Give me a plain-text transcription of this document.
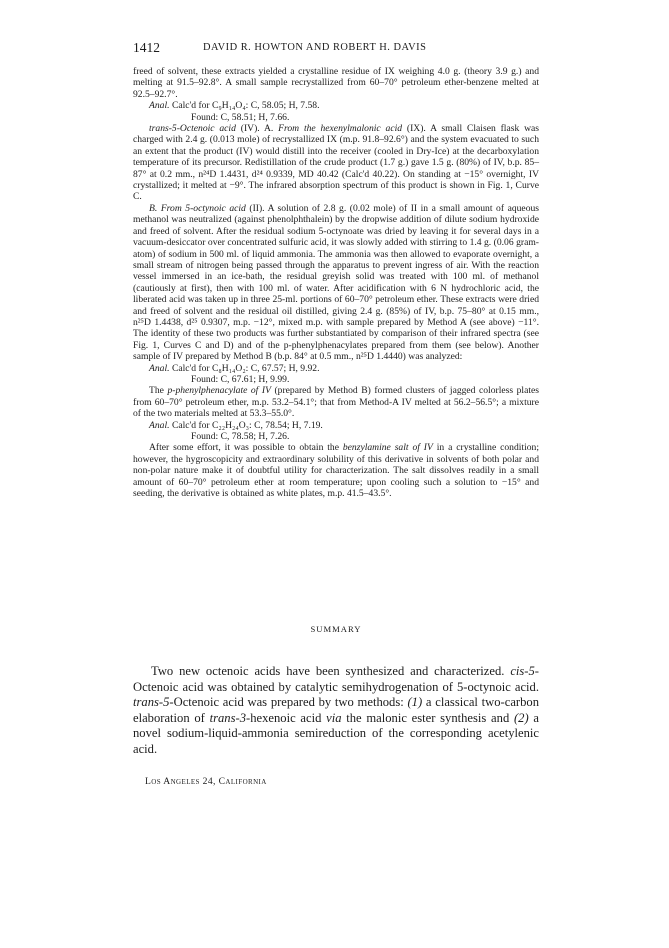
1412	DAVID R. HOWTON AND ROBERT H. DAVIS

freed of solvent, these extracts yielded a crystalline residue of IX weighing 4.0 g. (theory 3.9 g.) and melting at 91.5–92.8°. A small sample recrystallized from 60–70° petroleum ether-benzene melted at 92.5–92.7°.

Anal. Calc'd for C₉H₁₄O₄: C, 58.05; H, 7.58.

Found: C, 58.51; H, 7.66.

trans-5-Octenoic acid (IV). A. From the hexenylmalonic acid (IX). A small Claisen flask was charged with 2.4 g. (0.013 mole) of recrystallized IX (m.p. 91.8–92.6°) and the system evacuated to such an extent that the product (IV) would distill into the receiver (cooled in Dry-Ice) at the decarboxylation temperature of its precursor. Redistillation of the crude product (1.7 g.) gave 1.5 g. (80%) of IV, b.p. 85–87° at 0.2 mm., n²⁴D 1.4431, d²⁴ 0.9339, MD 40.42 (Calc'd 40.22). On standing at −15° overnight, IV crystallized; it melted at −9°. The infrared absorption spectrum of this product is shown in Fig. 1, Curve C.

B. From 5-octynoic acid (II). A solution of 2.8 g. (0.02 mole) of II in a small amount of aqueous methanol was neutralized (against phenolphthalein) by the dropwise addition of dilute sodium hydroxide and freed of solvent. After the residual sodium 5-octynoate was dried by leaving it for several days in a vacuum-desiccator over concentrated sulfuric acid, it was slowly added with stirring to 1.4 g. (0.06 gram-atom) of sodium in 500 ml. of liquid ammonia. The ammonia was then allowed to evaporate overnight, a small stream of nitrogen being passed through the apparatus to prevent ingress of air. With the reaction vessel immersed in an ice-bath, the residual greyish solid was treated with 100 ml. of methanol (cautiously at first), then with 100 ml. of water. After acidification with 6 N hydrochloric acid, the liberated acid was taken up in three 25-ml. portions of 60–70° petroleum ether. These extracts were dried and freed of solvent and the residual oil distilled, giving 2.4 g. (85%) of IV, b.p. 75–80° at 0.15 mm., n²⁵D 1.4438, d²⁵ 0.9307, m.p. −12°, mixed m.p. with sample prepared by Method A (see above) −11°. The identity of these two products was further substantiated by comparison of their infrared spectra (see Fig. 1, Curves C and D) and of the p-phenylphenacylates prepared from them (see below). Another sample of IV prepared by Method B (b.p. 84° at 0.5 mm., n²⁵D 1.4440) was analyzed:

Anal. Calc'd for C₈H₁₄O₂: C, 67.57; H, 9.92.

Found: C, 67.61; H, 9.99.

The p-phenylphenacylate of IV (prepared by Method B) formed clusters of jagged colorless plates from 60–70° petroleum ether, m.p. 53.2–54.1°; that from Method-A IV melted at 56.2–56.5°; a mixture of the two materials melted at 53.3–55.0°.

Anal. Calc'd for C₂₂H₂₄O₃: C, 78.54; H, 7.19.

Found: C, 78.58; H, 7.26.

After some effort, it was possible to obtain the benzylamine salt of IV in a crystalline condition; however, the hygroscopicity and extraordinary solubility of this derivative in solvents of both polar and non-polar nature make it of doubtful utility for characterization. The salt dissolves readily in a small amount of 60–70° petroleum ether at room temperature; upon cooling such a solution to −15° and seeding, the derivative is obtained as white plates, m.p. 41.5–43.5°.

SUMMARY

Two new octenoic acids have been synthesized and characterized. cis-5-Octenoic acid was obtained by catalytic semihydrogenation of 5-octynoic acid. trans-5-Octenoic acid was prepared by two methods: (1) a classical two-carbon elaboration of trans-3-hexenoic acid via the malonic ester synthesis and (2) a novel sodium-liquid-ammonia semireduction of the corresponding acetylenic acid.

Los Angeles 24, California
